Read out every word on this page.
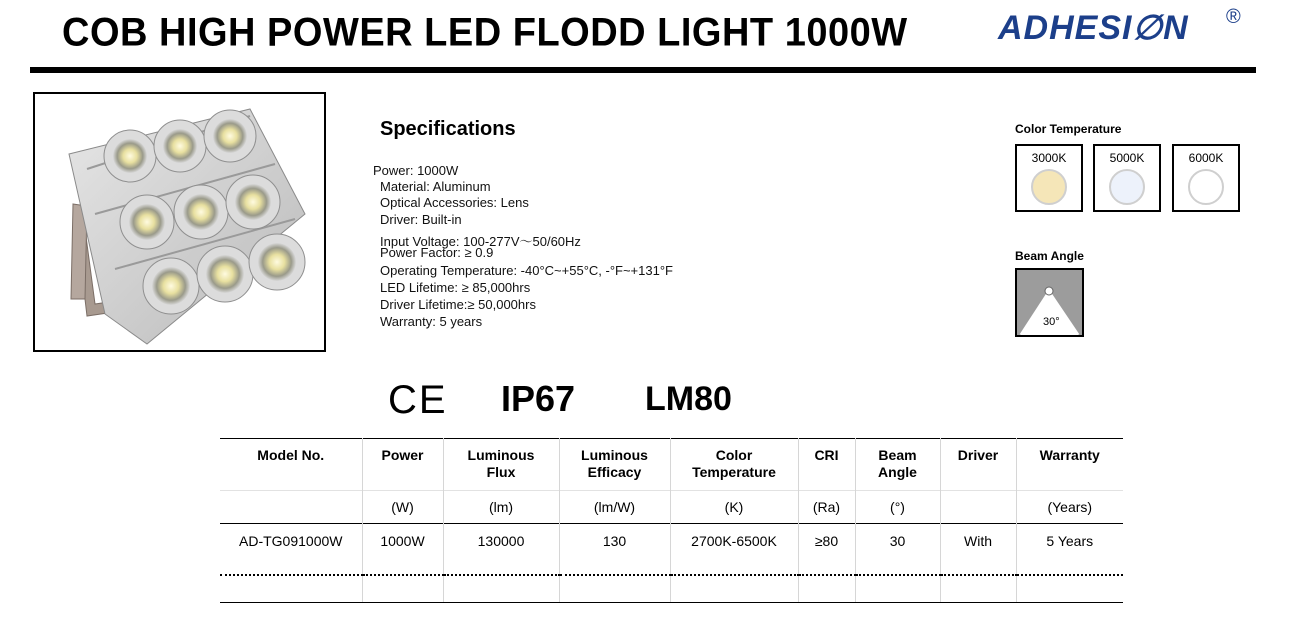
COB HIGH POWER LED FLODD LIGHT 1000W	ADHESI∅N ®
Specifications
Power: 1000W
Material: Aluminum
Optical Accessories: Lens
Driver: Built-in
Input Voltage: 100-277V～50/60Hz
Power Factor: ≥ 0.9
Operating Temperature: -40°C~+55°C, -°F~+131°F
LED Lifetime: ≥ 85,000hrs
Driver Lifetime:≥ 50,000hrs
Warranty: 5 years
Color Temperature
3000K	5000K	6000K
Beam Angle
30°
CE IP67 LM80
Model No.	Power	Luminous Flux	Luminous Efficacy	Color Temperature	CRI	Beam Angle	Driver	Warranty
	(W)	(lm)	(lm/W)	(K)	(Ra)	(°)		(Years)
AD-TG091000W	1000W	130000	130	2700K-6500K	≥80	30	With	5 Years
